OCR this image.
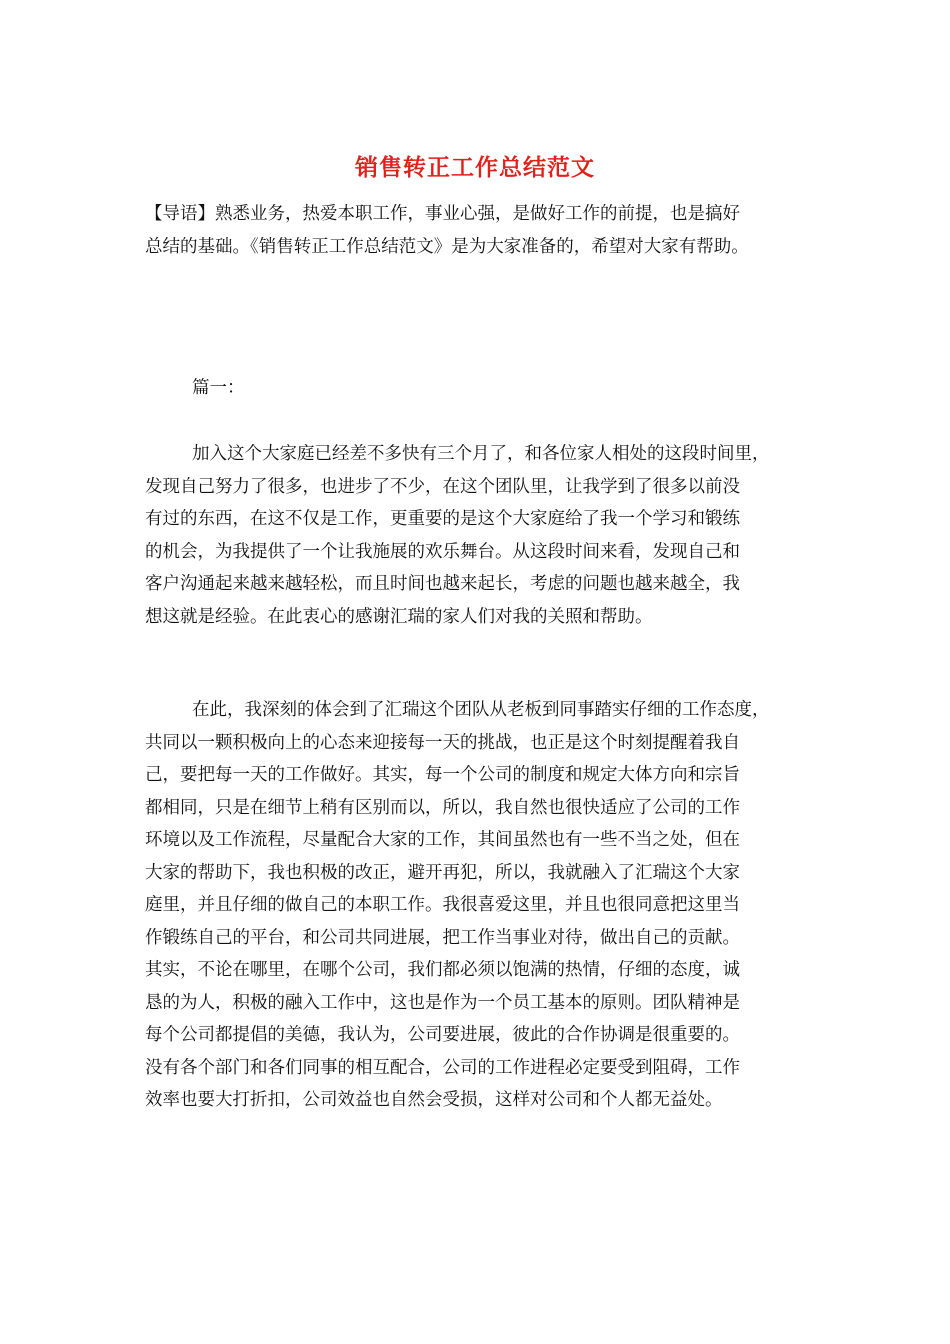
销售转正工作总结范文
【导语】熟悉业务，热爱本职工作，事业心强，是做好工作的前提，也是搞好
总结的基础。《销售转正工作总结范文》是为大家准备的，希望对大家有帮助。
篇一：
加入这个大家庭已经差不多快有三个月了，和各位家人相处的这段时间里，
发现自己努力了很多，也进步了不少，在这个团队里，让我学到了很多以前没
有过的东西，在这不仅是工作，更重要的是这个大家庭给了我一个学习和锻练
的机会，为我提供了一个让我施展的欢乐舞台。从这段时间来看，发现自己和
客户沟通起来越来越轻松，而且时间也越来起长，考虑的问题也越来越全，我
想这就是经验。在此衷心的感谢汇瑞的家人们对我的关照和帮助。
在此，我深刻的体会到了汇瑞这个团队从老板到同事踏实仔细的工作态度，
共同以一颗积极向上的心态来迎接每一天的挑战，也正是这个时刻提醒着我自
己，要把每一天的工作做好。其实，每一个公司的制度和规定大体方向和宗旨
都相同，只是在细节上稍有区别而以，所以，我自然也很快适应了公司的工作
环境以及工作流程，尽量配合大家的工作，其间虽然也有一些不当之处，但在
大家的帮助下，我也积极的改正，避开再犯，所以，我就融入了汇瑞这个大家
庭里，并且仔细的做自己的本职工作。我很喜爱这里，并且也很同意把这里当
作锻练自己的平台，和公司共同进展，把工作当事业对待，做出自己的贡献。
其实，不论在哪里，在哪个公司，我们都必须以饱满的热情，仔细的态度，诚
恳的为人，积极的融入工作中，这也是作为一个员工基本的原则。团队精神是
每个公司都提倡的美德，我认为，公司要进展，彼此的合作协调是很重要的。
没有各个部门和各们同事的相互配合，公司的工作进程必定要受到阻碍，工作
效率也要大打折扣，公司效益也自然会受损，这样对公司和个人都无益处。
